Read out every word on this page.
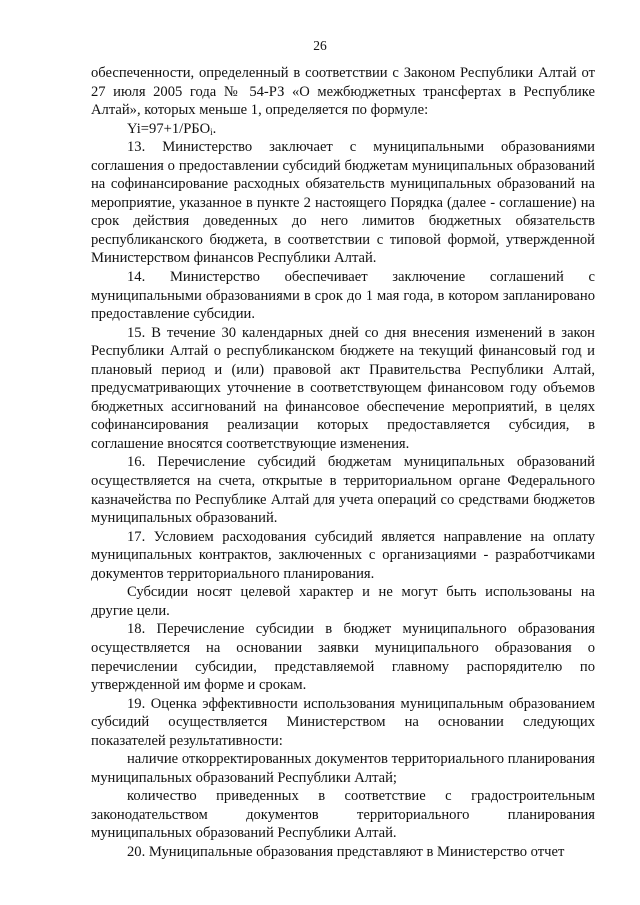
26

обеспеченности, определенный в соответствии с Законом Республики Алтай от 27 июля 2005 года № 54-РЗ «О межбюджетных трансфертах в Республике Алтай», которых меньше 1, определяется по формуле:

$Yi=97+1/РБО_i$.

13. Министерство заключает с муниципальными образованиями соглашения о предоставлении субсидий бюджетам муниципальных образований на софинансирование расходных обязательств муниципальных образований на мероприятие, указанное в пункте 2 настоящего Порядка (далее - соглашение) на срок действия доведенных до него лимитов бюджетных обязательств республиканского бюджета, в соответствии с типовой формой, утвержденной Министерством финансов Республики Алтай.

14. Министерство обеспечивает заключение соглашений с муниципальными образованиями в срок до 1 мая года, в котором запланировано предоставление субсидии.

15. В течение 30 календарных дней со дня внесения изменений в закон Республики Алтай о республиканском бюджете на текущий финансовый год и плановый период и (или) правовой акт Правительства Республики Алтай, предусматривающих уточнение в соответствующем финансовом году объемов бюджетных ассигнований на финансовое обеспечение мероприятий, в целях софинансирования реализации которых предоставляется субсидия, в соглашение вносятся соответствующие изменения.

16. Перечисление субсидий бюджетам муниципальных образований осуществляется на счета, открытые в территориальном органе Федерального казначейства по Республике Алтай для учета операций со средствами бюджетов муниципальных образований.

17. Условием расходования субсидий является направление на оплату муниципальных контрактов, заключенных с организациями - разработчиками документов территориального планирования.

Субсидии носят целевой характер и не могут быть использованы на другие цели.

18. Перечисление субсидии в бюджет муниципального образования осуществляется на основании заявки муниципального образования о перечислении субсидии, представляемой главному распорядителю по утвержденной им форме и срокам.

19. Оценка эффективности использования муниципальным образованием субсидий осуществляется Министерством на основании следующих показателей результативности:

наличие откорректированных документов территориального планирования муниципальных образований Республики Алтай;

количество приведенных в соответствие с градостроительным законодательством документов территориального планирования муниципальных образований Республики Алтай.

20. Муниципальные образования представляют в Министерство отчет
